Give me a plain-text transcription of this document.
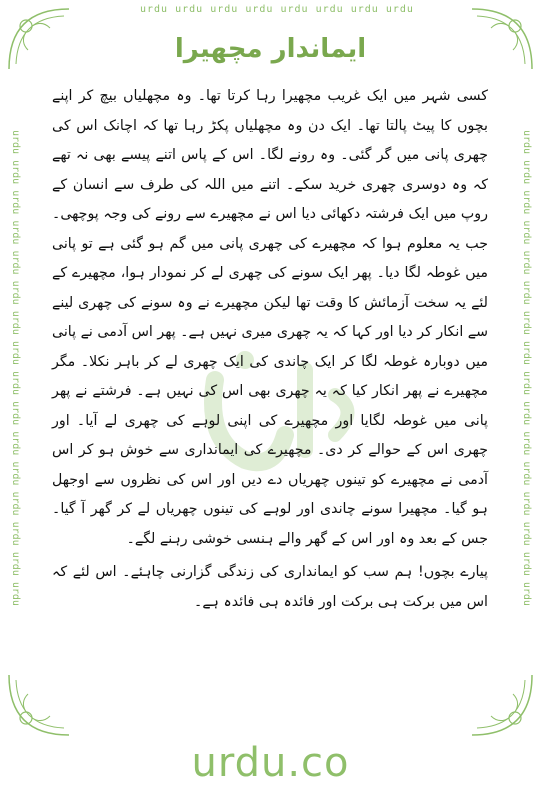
urdu urdu urdu urdu urdu urdu urdu urdu
urdu urdu urdu urdu urdu urdu urdu urdu urdu urdu urdu urdu urdu urdu urdu urdu
urdu urdu urdu urdu urdu urdu urdu urdu urdu urdu urdu urdu urdu urdu urdu urdu
ایماندار مچھیرا

کسی شہر میں ایک غریب مچھیرا رہا کرتا تھا۔ وہ مچھلیاں بیچ کر اپنے بچوں کا پیٹ پالتا تھا۔ ایک دن وہ مچھلیاں پکڑ رہا تھا کہ اچانک اس کی چھری پانی میں گر گئی۔ وہ رونے لگا۔ اس کے پاس اتنے پیسے بھی نہ تھے کہ وہ دوسری چھری خرید سکے۔ اتنے میں اللہ کی طرف سے انسان کے روپ میں ایک فرشتہ دکھائی دیا اس نے مچھیرے سے رونے کی وجہ پوچھی۔ جب یہ معلوم ہوا کہ مچھیرے کی چھری پانی میں گم ہو گئی ہے تو پانی میں غوطہ لگا دیا۔ پھر ایک سونے کی چھری لے کر نمودار ہوا، مچھیرے کے لئے یہ سخت آزمائش کا وقت تھا لیکن مچھیرے نے وہ سونے کی چھری لینے سے انکار کر دیا اور کہا کہ یہ چھری میری نہیں ہے۔ پھر اس آدمی نے پانی میں دوبارہ غوطہ لگا کر ایک چاندی کی ایک چھری لے کر باہر نکلا۔ مگر مچھیرے نے پھر انکار کیا کہ یہ چھری بھی اس کی نہیں ہے۔ فرشتے نے پھر پانی میں غوطہ لگایا اور مچھیرے کی اپنی لوہے کی چھری لے آیا۔ اور چھری اس کے حوالے کر دی۔ مچھیرے کی ایمانداری سے خوش ہو کر اس آدمی نے مچھیرے کو تینوں چھریاں دے دیں اور اس کی نظروں سے اوجھل ہو گیا۔ مچھیرا سونے چاندی اور لوہے کی تینوں چھریاں لے کر گھر آ گیا۔ جس کے بعد وہ اور اس کے گھر والے ہنسی خوشی رہنے لگے۔

پیارے بچوں! ہم سب کو ایمانداری کی زندگی گزارنی چاہئے۔ اس لئے کہ اس میں برکت ہی برکت اور فائدہ ہی فائدہ ہے۔

urdu.co
